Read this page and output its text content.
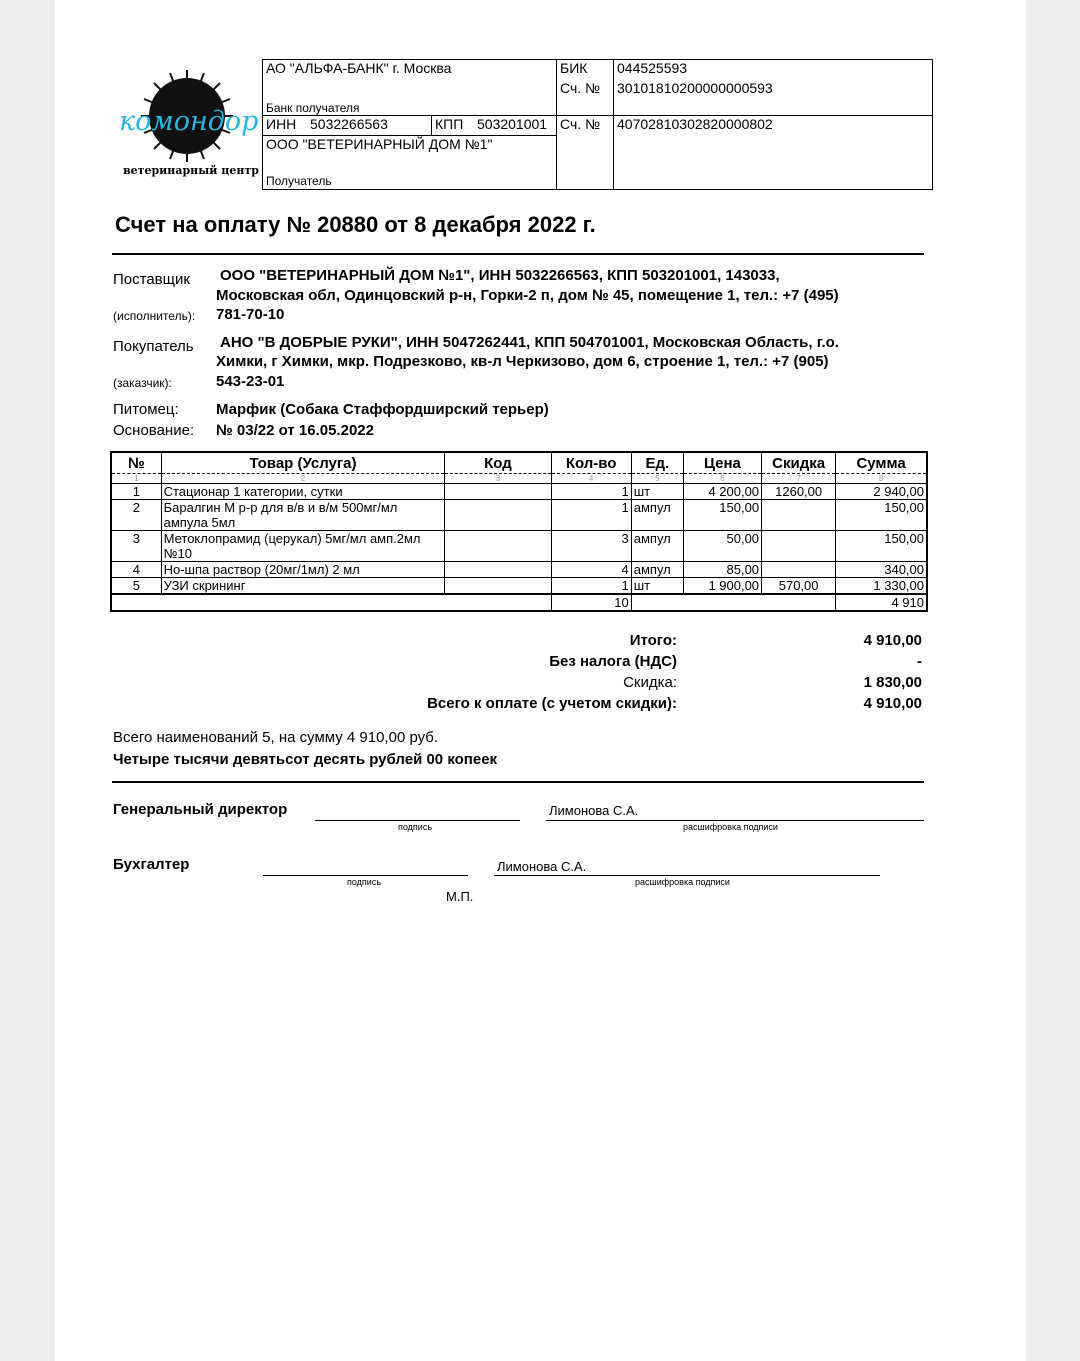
комондор
ветеринарный центр
АО "АЛЬФА-БАНК" г. Москва				БИК	044525593
Банк получателя				Сч. №	30101810200000000593
ИНН	5032266563	КПП	503201001	Сч. №	40702810302820000802

ООО "ВЕТЕРИНАРНЫЙ ДОМ №1"
Получатель					
Счет на оплату № 20880 от 8 декабря 2022 г.
Поставщик
(исполнитель):
ООО "ВЕТЕРИНАРНЫЙ ДОМ №1", ИНН 5032266563, КПП 503201001, 143033,
Московская обл, Одинцовский р-н, Горки-2 п, дом № 45, помещение 1, тел.: +7 (495)
781-70-10
Покупатель
(заказчик):
АНО "В ДОБРЫЕ РУКИ", ИНН 5047262441, КПП 504701001, Московская Область, г.о.
Химки, г Химки, мкр. Подрезково, кв-л Черкизово, дом 6, строение 1, тел.: +7 (905)
543-23-01
Питомец: Марфик (Собака Стаффордширский терьер)
Основание: № 03/22 от 16.05.2022
№	Товар (Услуга)	Код	Кол-во	Ед.	Цена	Скидка	Сумма
1	2	3	4	5	6	7	8
1	Стационар 1 категории, сутки		1	шт	4 200,00	1260,00	2 940,00
2	Баралгин М р-р для в/в и в/м 500мг/мл ампула 5мл		1	ампул	150,00		150,00
3	Метоклопрамид (церукал) 5мг/мл амп.2мл №10		3	ампул	50,00		150,00
4	Но-шпа раствор (20мг/1мл) 2 мл		4	ампул	85,00		340,00
5	УЗИ скрининг		1	шт	1 900,00	570,00	1 330,00
			10				4 910
Итого:	4 910,00
Без налога (НДС)	-
Скидка:	1 830,00
Всего к оплате (с учетом скидки):	4 910,00
Всего наименований 5, на сумму 4 910,00 руб.
Четыре тысячи девятьсот десять рублей 00 копеек
Генеральный директор
подпись
Лимонова С.А.
расшифровка подписи
Бухгалтер
подпись
Лимонова С.А.
расшифровка подписи
М.П.
